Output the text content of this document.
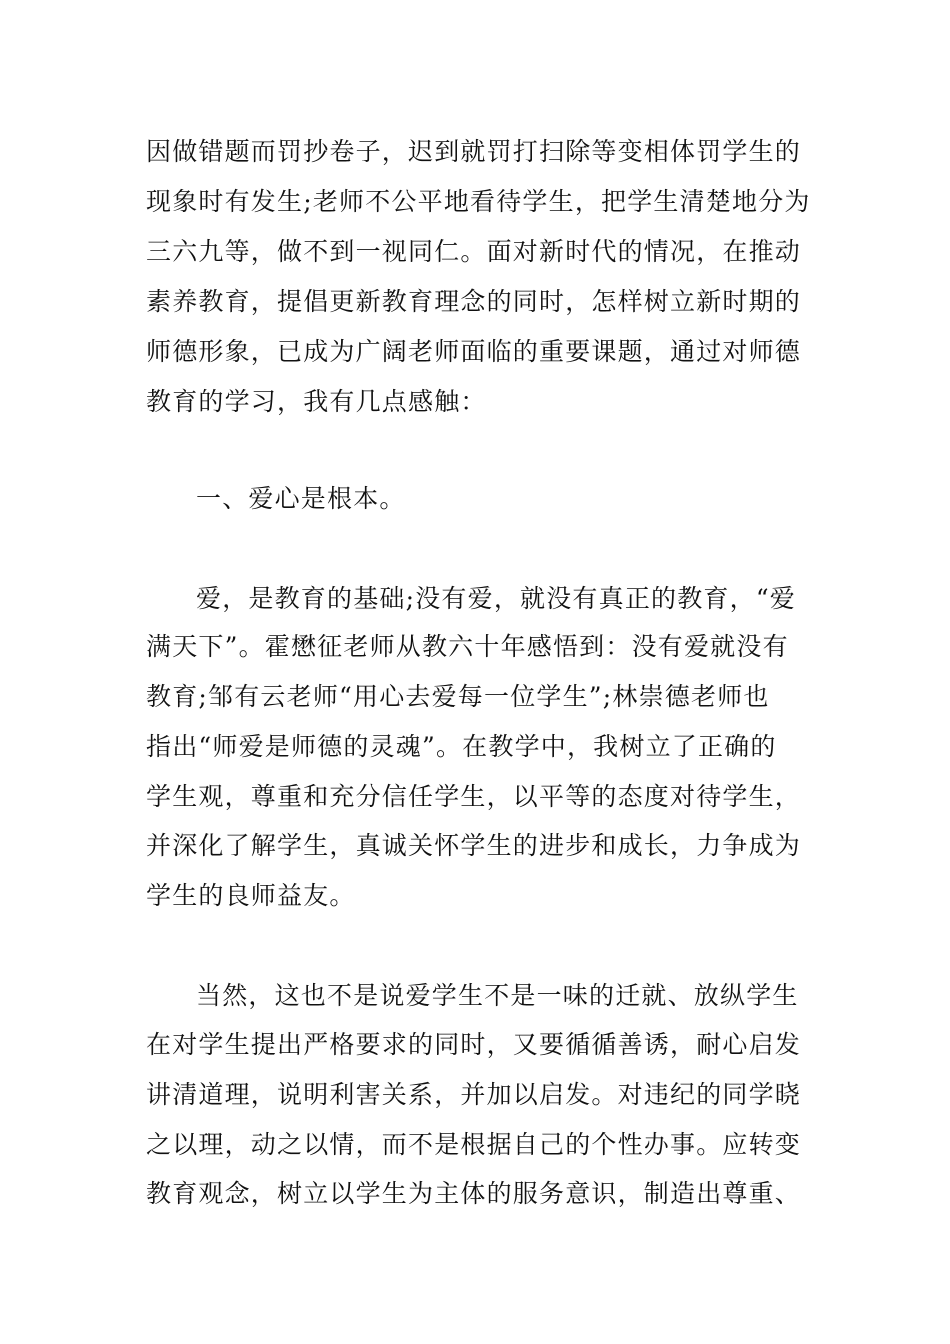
因做错题而罚抄卷子，迟到就罚打扫除等变相体罚学生的
现象时有发生;老师不公平地看待学生，把学生清楚地分为
三六九等，做不到一视同仁。面对新时代的情况，在推动
素养教育，提倡更新教育理念的同时，怎样树立新时期的
师德形象，已成为广阔老师面临的重要课题，通过对师德
教育的学习，我有几点感触：
一、爱心是根本。
爱，是教育的基础;没有爱，就没有真正的教育，“爱
满天下”。霍懋征老师从教六十年感悟到：没有爱就没有
教育;邹有云老师“用心去爱每一位学生”;林崇德老师也
指出“师爱是师德的灵魂”。在教学中，我树立了正确的
学生观，尊重和充分信任学生，以平等的态度对待学生，
并深化了解学生，真诚关怀学生的进步和成长，力争成为
学生的良师益友。
当然，这也不是说爱学生不是一味的迁就、放纵学生
在对学生提出严格要求的同时，又要循循善诱，耐心启发
讲清道理，说明利害关系，并加以启发。对违纪的同学晓
之以理，动之以情，而不是根据自己的个性办事。应转变
教育观念，树立以学生为主体的服务意识，制造出尊重、
